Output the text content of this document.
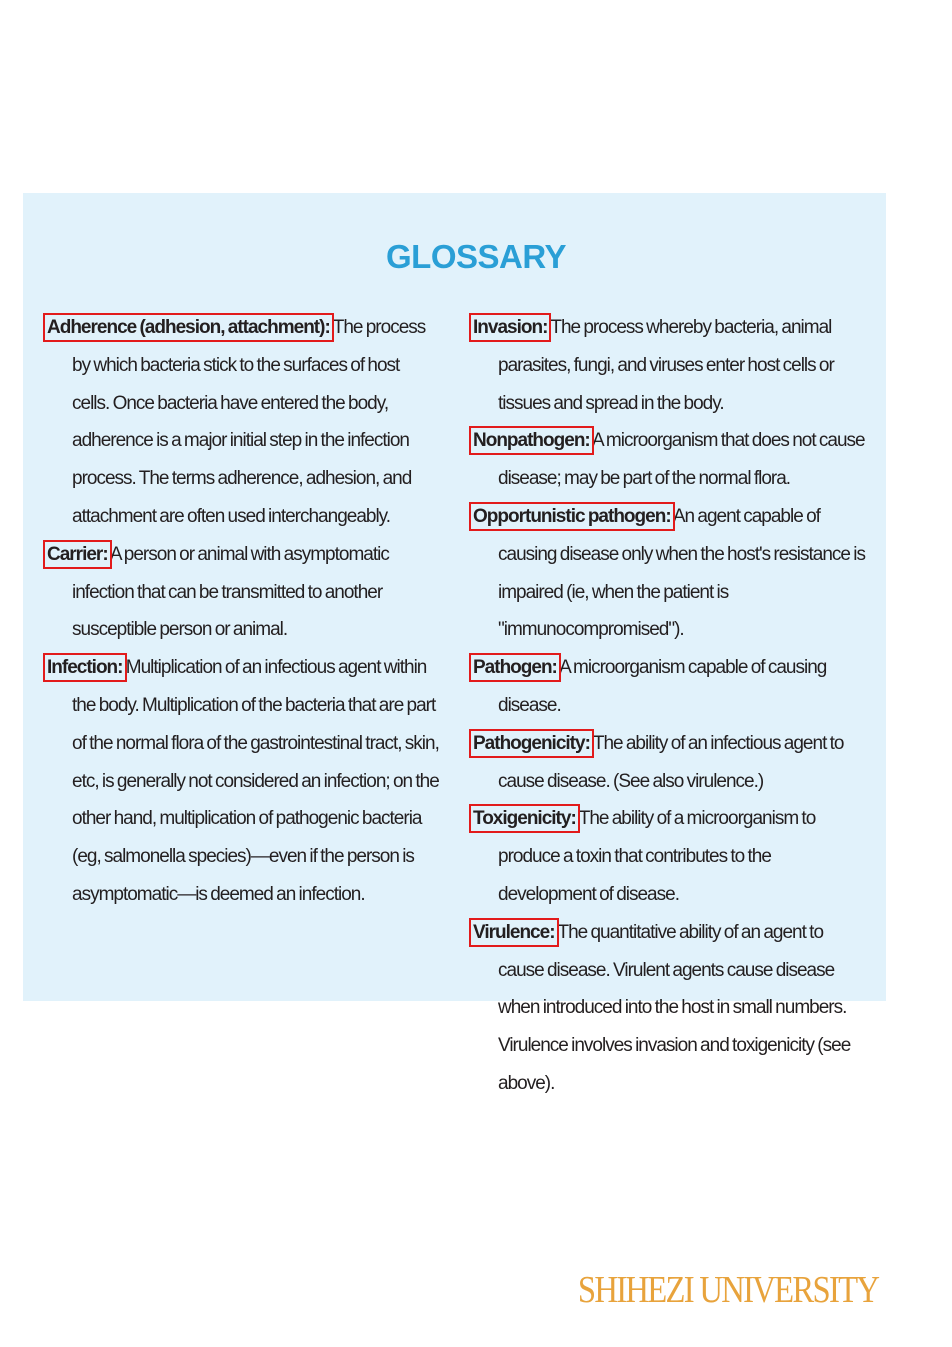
GLOSSARY

Adherence (adhesion, attachment): The process by which bacteria stick to the surfaces of host cells. Once bacteria have entered the body, adherence is a major initial step in the infection process. The terms adherence, adhesion, and attachment are often used interchangeably.

Carrier: A person or animal with asymptomatic infection that can be transmitted to another susceptible person or animal.

Infection: Multiplication of an infectious agent within the body. Multiplication of the bacteria that are part of the normal flora of the gastrointestinal tract, skin, etc, is generally not considered an infection; on the other hand, multiplication of pathogenic bacteria (eg, salmonella species)—even if the person is asymptomatic—is deemed an infection.

Invasion: The process whereby bacteria, animal parasites, fungi, and viruses enter host cells or tissues and spread in the body.

Nonpathogen: A microorganism that does not cause disease; may be part of the normal flora.

Opportunistic pathogen: An agent capable of causing disease only when the host's resistance is impaired (ie, when the patient is "immunocompromised").

Pathogen: A microorganism capable of causing disease.

Pathogenicity: The ability of an infectious agent to cause disease. (See also virulence.)

Toxigenicity: The ability of a microorganism to produce a toxin that contributes to the development of disease.

Virulence: The quantitative ability of an agent to cause disease. Virulent agents cause disease when introduced into the host in small numbers. Virulence involves invasion and toxigenicity (see above).

SHIHEZI UNIVERSITY
